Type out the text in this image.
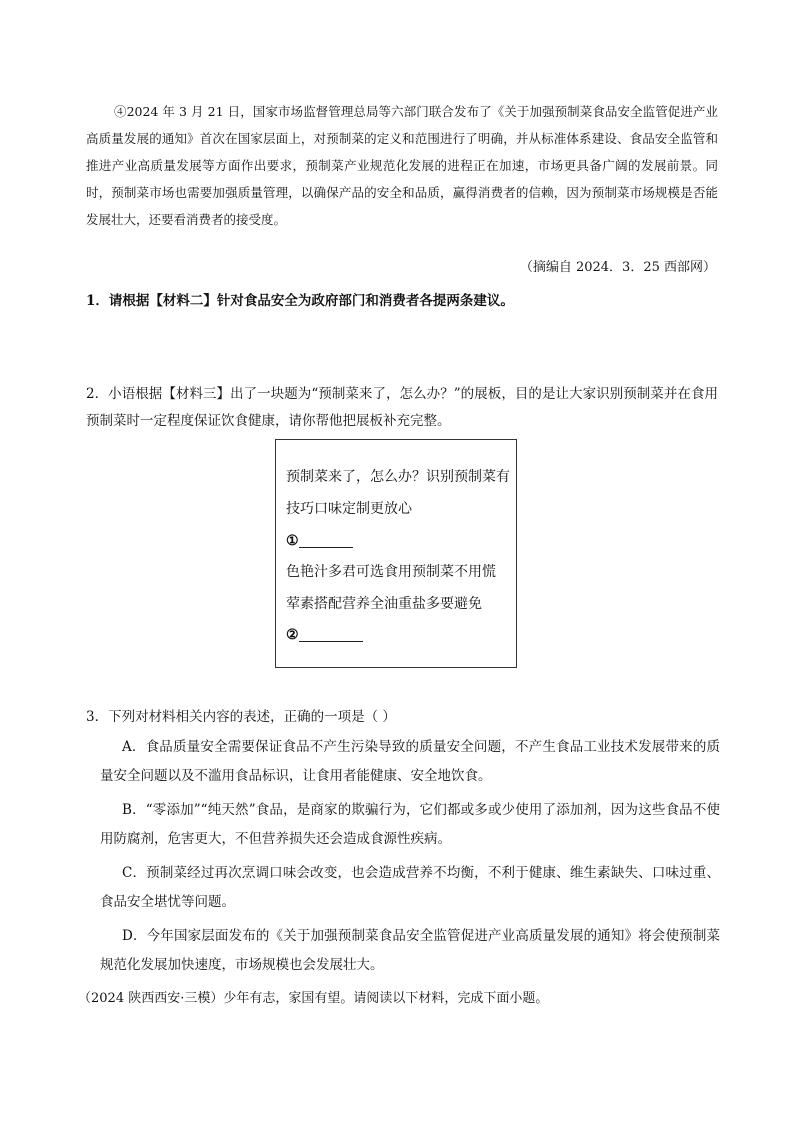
④2024 年 3 月 21 日，国家市场监督管理总局等六部门联合发布了《关于加强预制菜食品安全监管促进产业高质量发展的通知》首次在国家层面上，对预制菜的定义和范围进行了明确，并从标准体系建设、食品安全监管和推进产业高质量发展等方面作出要求，预制菜产业规范化发展的进程正在加速，市场更具备广阔的发展前景。同时，预制菜市场也需要加强质量管理，以确保产品的安全和品质，赢得消费者的信赖，因为预制菜市场规模是否能发展壮大，还要看消费者的接受度。

（摘编自 2024．3．25 西部网）

1．请根据【材料二】针对食品安全为政府部门和消费者各提两条建议。

2．小语根据【材料三】出了一块题为“预制菜来了，怎么办？”的展板，目的是让大家识别预制菜并在食用预制菜时一定程度保证饮食健康，请你帮他把展板补充完整。

预制菜来了，怎么办？识别预制菜有
技巧口味定制更放心
①
色艳汁多君可选食用预制菜不用慌
荤素搭配营养全油重盐多要避免
②

3．下列对材料相关内容的表述，正确的一项是（ ）

A．食品质量安全需要保证食品不产生污染导致的质量安全问题，不产生食品工业技术发展带来的质量安全问题以及不滥用食品标识，让食用者能健康、安全地饮食。

B．“零添加”“纯天然”食品，是商家的欺骗行为，它们都或多或少使用了添加剂，因为这些食品不使用防腐剂，危害更大，不但营养损失还会造成食源性疾病。

C．预制菜经过再次烹调口味会改变，也会造成营养不均衡，不利于健康、维生素缺失、口味过重、食品安全堪忧等问题。

D．今年国家层面发布的《关于加强预制菜食品安全监管促进产业高质量发展的通知》将会使预制菜规范化发展加快速度，市场规模也会发展壮大。

（2024 陕西西安·三模）少年有志，家国有望。请阅读以下材料，完成下面小题。
